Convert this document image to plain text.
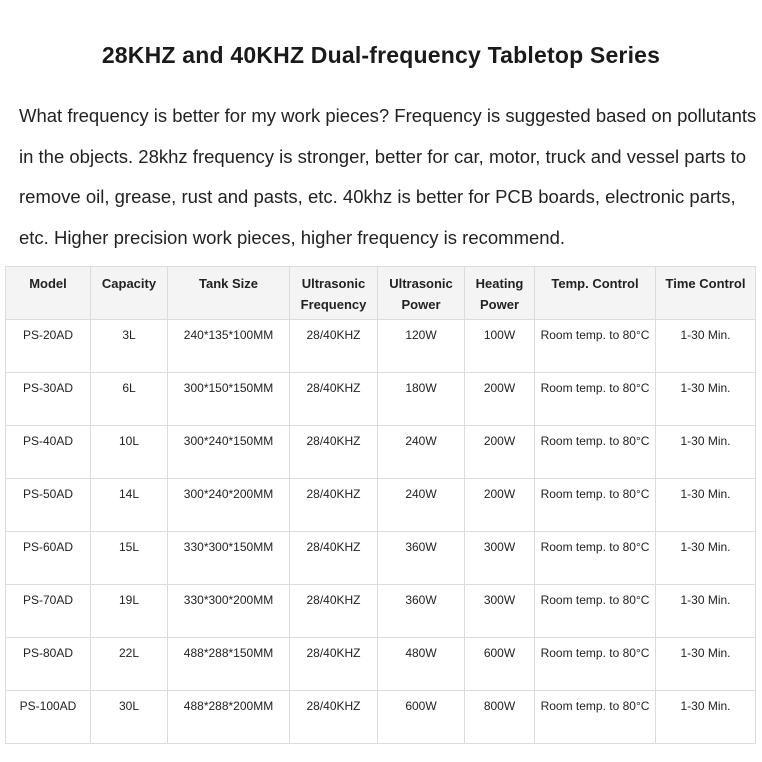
28KHZ and 40KHZ Dual-frequency Tabletop Series
What frequency is better for my work pieces? Frequency is suggested based on pollutants in the objects. 28khz frequency is stronger, better for car, motor, truck and vessel parts to remove oil, grease, rust and pasts, etc. 40khz is better for PCB boards, electronic parts, etc. Higher precision work pieces, higher frequency is recommend.
Model	Capacity	Tank Size	Ultrasonic Frequency	Ultrasonic Power	Heating Power	Temp. Control	Time Control
PS-20AD	3L	240*135*100MM	28/40KHZ	120W	100W	Room temp. to 80°C	1-30 Min.
PS-30AD	6L	300*150*150MM	28/40KHZ	180W	200W	Room temp. to 80°C	1-30 Min.
PS-40AD	10L	300*240*150MM	28/40KHZ	240W	200W	Room temp. to 80°C	1-30 Min.
PS-50AD	14L	300*240*200MM	28/40KHZ	240W	200W	Room temp. to 80°C	1-30 Min.
PS-60AD	15L	330*300*150MM	28/40KHZ	360W	300W	Room temp. to 80°C	1-30 Min.
PS-70AD	19L	330*300*200MM	28/40KHZ	360W	300W	Room temp. to 80°C	1-30 Min.
PS-80AD	22L	488*288*150MM	28/40KHZ	480W	600W	Room temp. to 80°C	1-30 Min.
PS-100AD	30L	488*288*200MM	28/40KHZ	600W	800W	Room temp. to 80°C	1-30 Min.
